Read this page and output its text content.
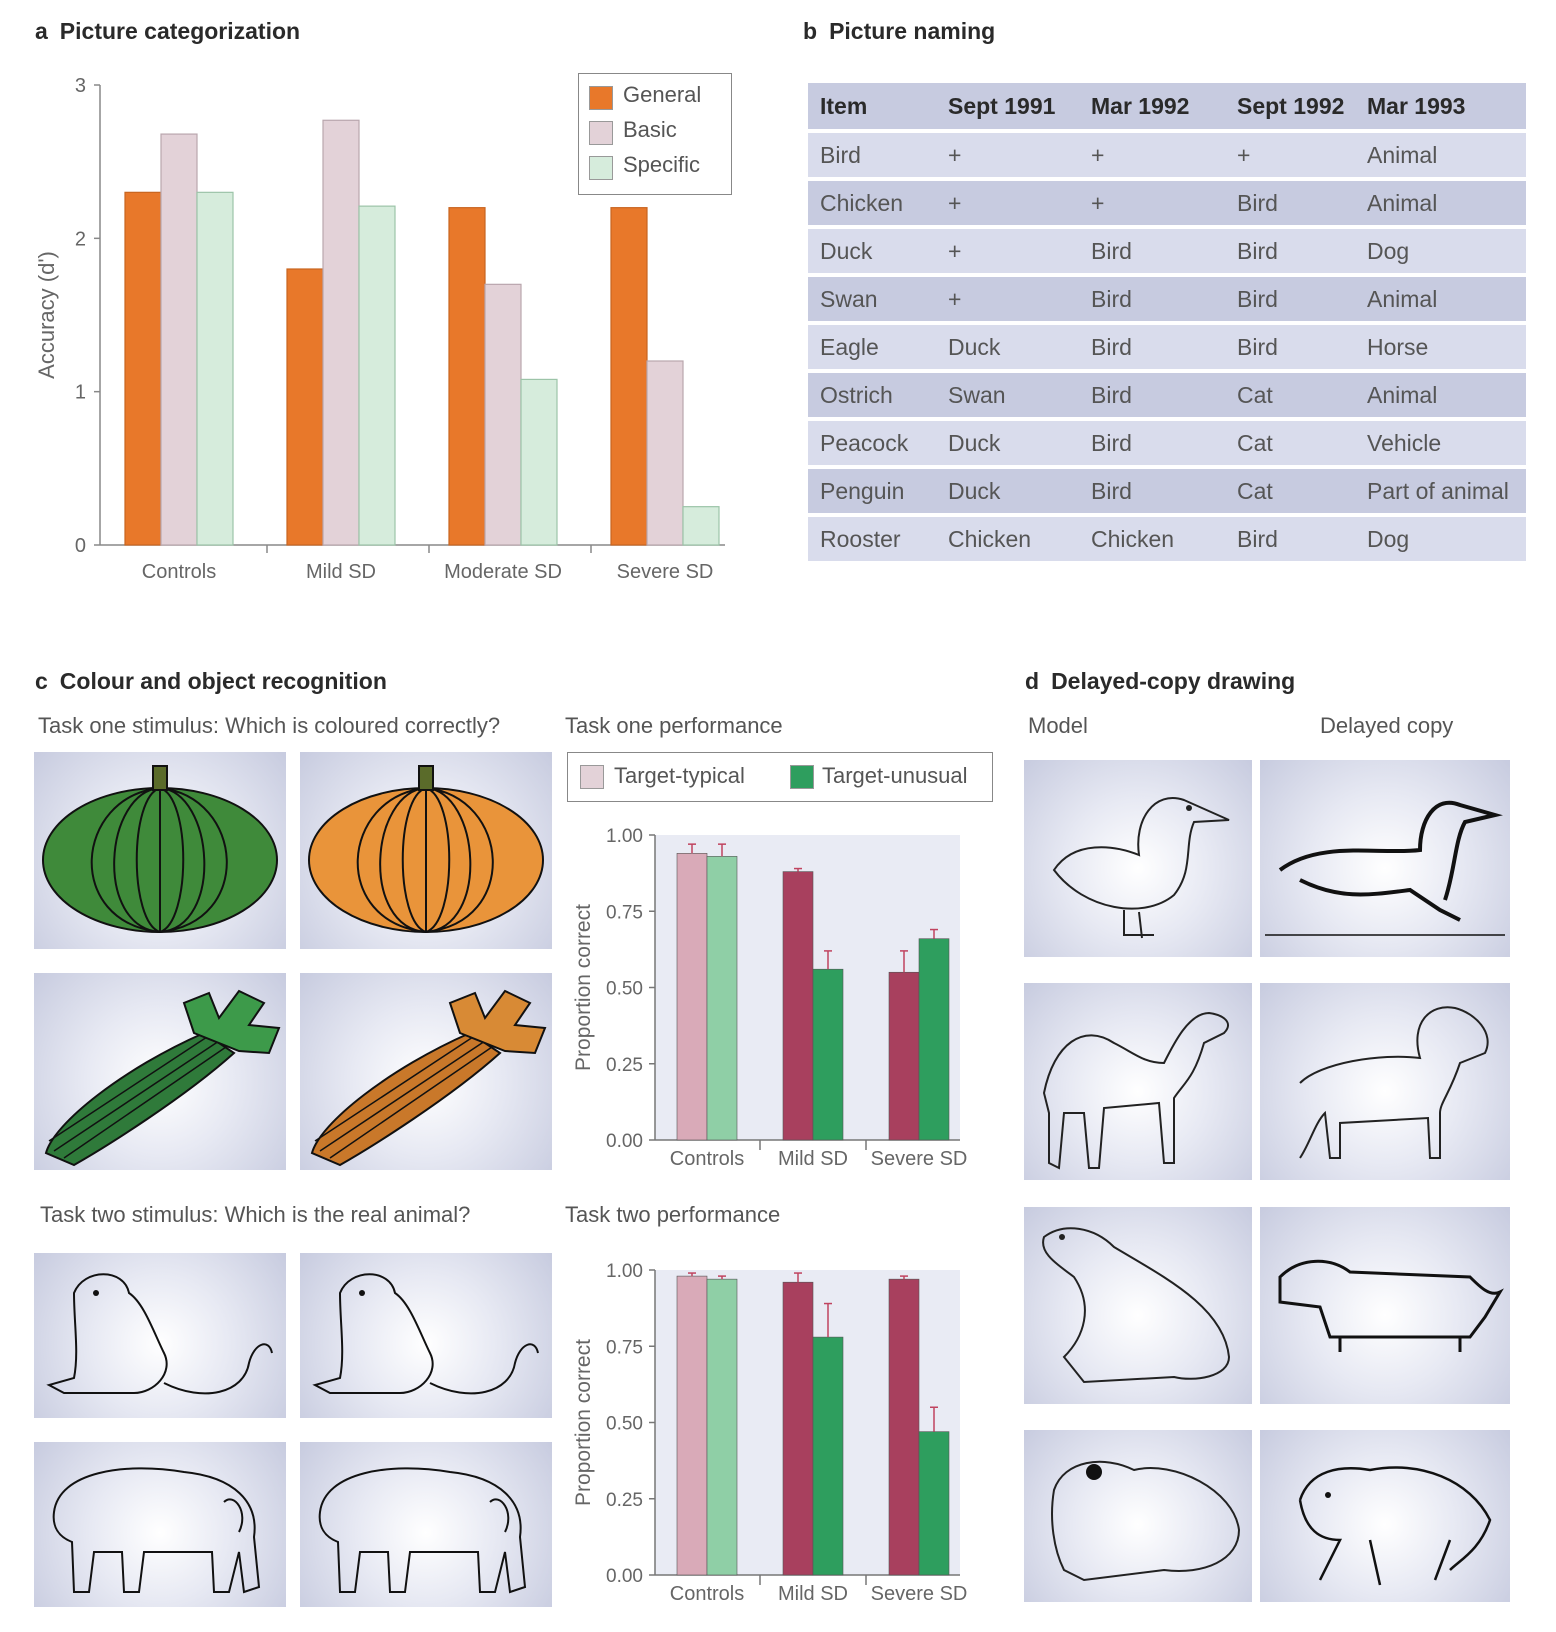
a Picture categorization
0
1
2
3
Accuracy (d')
Controls	Mild SD	Moderate SD	Severe SD
General
Basic
Specific
b Picture naming
Item	Sept 1991	Mar 1992	Sept 1992	Mar 1993
Bird	+	+	+	Animal
Chicken	+	+	Bird	Animal
Duck	+	Bird	Bird	Dog
Swan	+	Bird	Bird	Animal
Eagle	Duck	Bird	Bird	Horse
Ostrich	Swan	Bird	Cat	Animal
Peacock	Duck	Bird	Cat	Vehicle
Penguin	Duck	Bird	Cat	Part of animal
Rooster	Chicken	Chicken	Bird	Dog
c Colour and object recognition
Task one stimulus: Which is coloured correctly?	Task one performance
Task two stimulus: Which is the real animal?	Task two performance
Target-typical	Target-unusual
0.00
0.25
0.50
0.75
1.00
Proportion correct
Controls Mild SD Severe SD
0.00
0.25
0.50
0.75
1.00
Proportion correct
Controls Mild SD Severe SD
d Delayed-copy drawing
Model	Delayed copy
